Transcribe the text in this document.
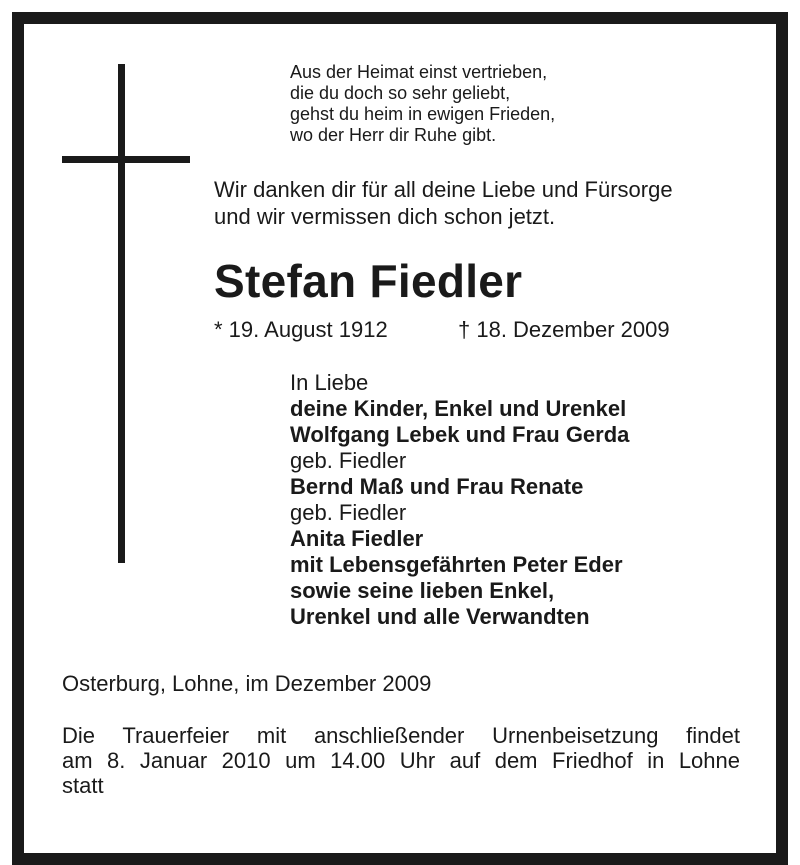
Aus der Heimat einst vertrieben,
die du doch so sehr geliebt,
gehst du heim in ewigen Frieden,
wo der Herr dir Ruhe gibt.
Wir danken dir für all deine Liebe und Fürsorge
und wir vermissen dich schon jetzt.
Stefan Fiedler
* 19. August 1912	† 18. Dezember 2009
In Liebe
deine Kinder, Enkel und Urenkel
Wolfgang Lebek und Frau Gerda
geb. Fiedler
Bernd Maß und Frau Renate
geb. Fiedler
Anita Fiedler
mit Lebensgefährten Peter Eder
sowie seine lieben Enkel,
Urenkel und alle Verwandten
Osterburg, Lohne, im Dezember 2009
Die Trauerfeier mit anschließender Urnenbeisetzung findet
am 8. Januar 2010 um 14.00 Uhr auf dem Friedhof in Lohne
statt
